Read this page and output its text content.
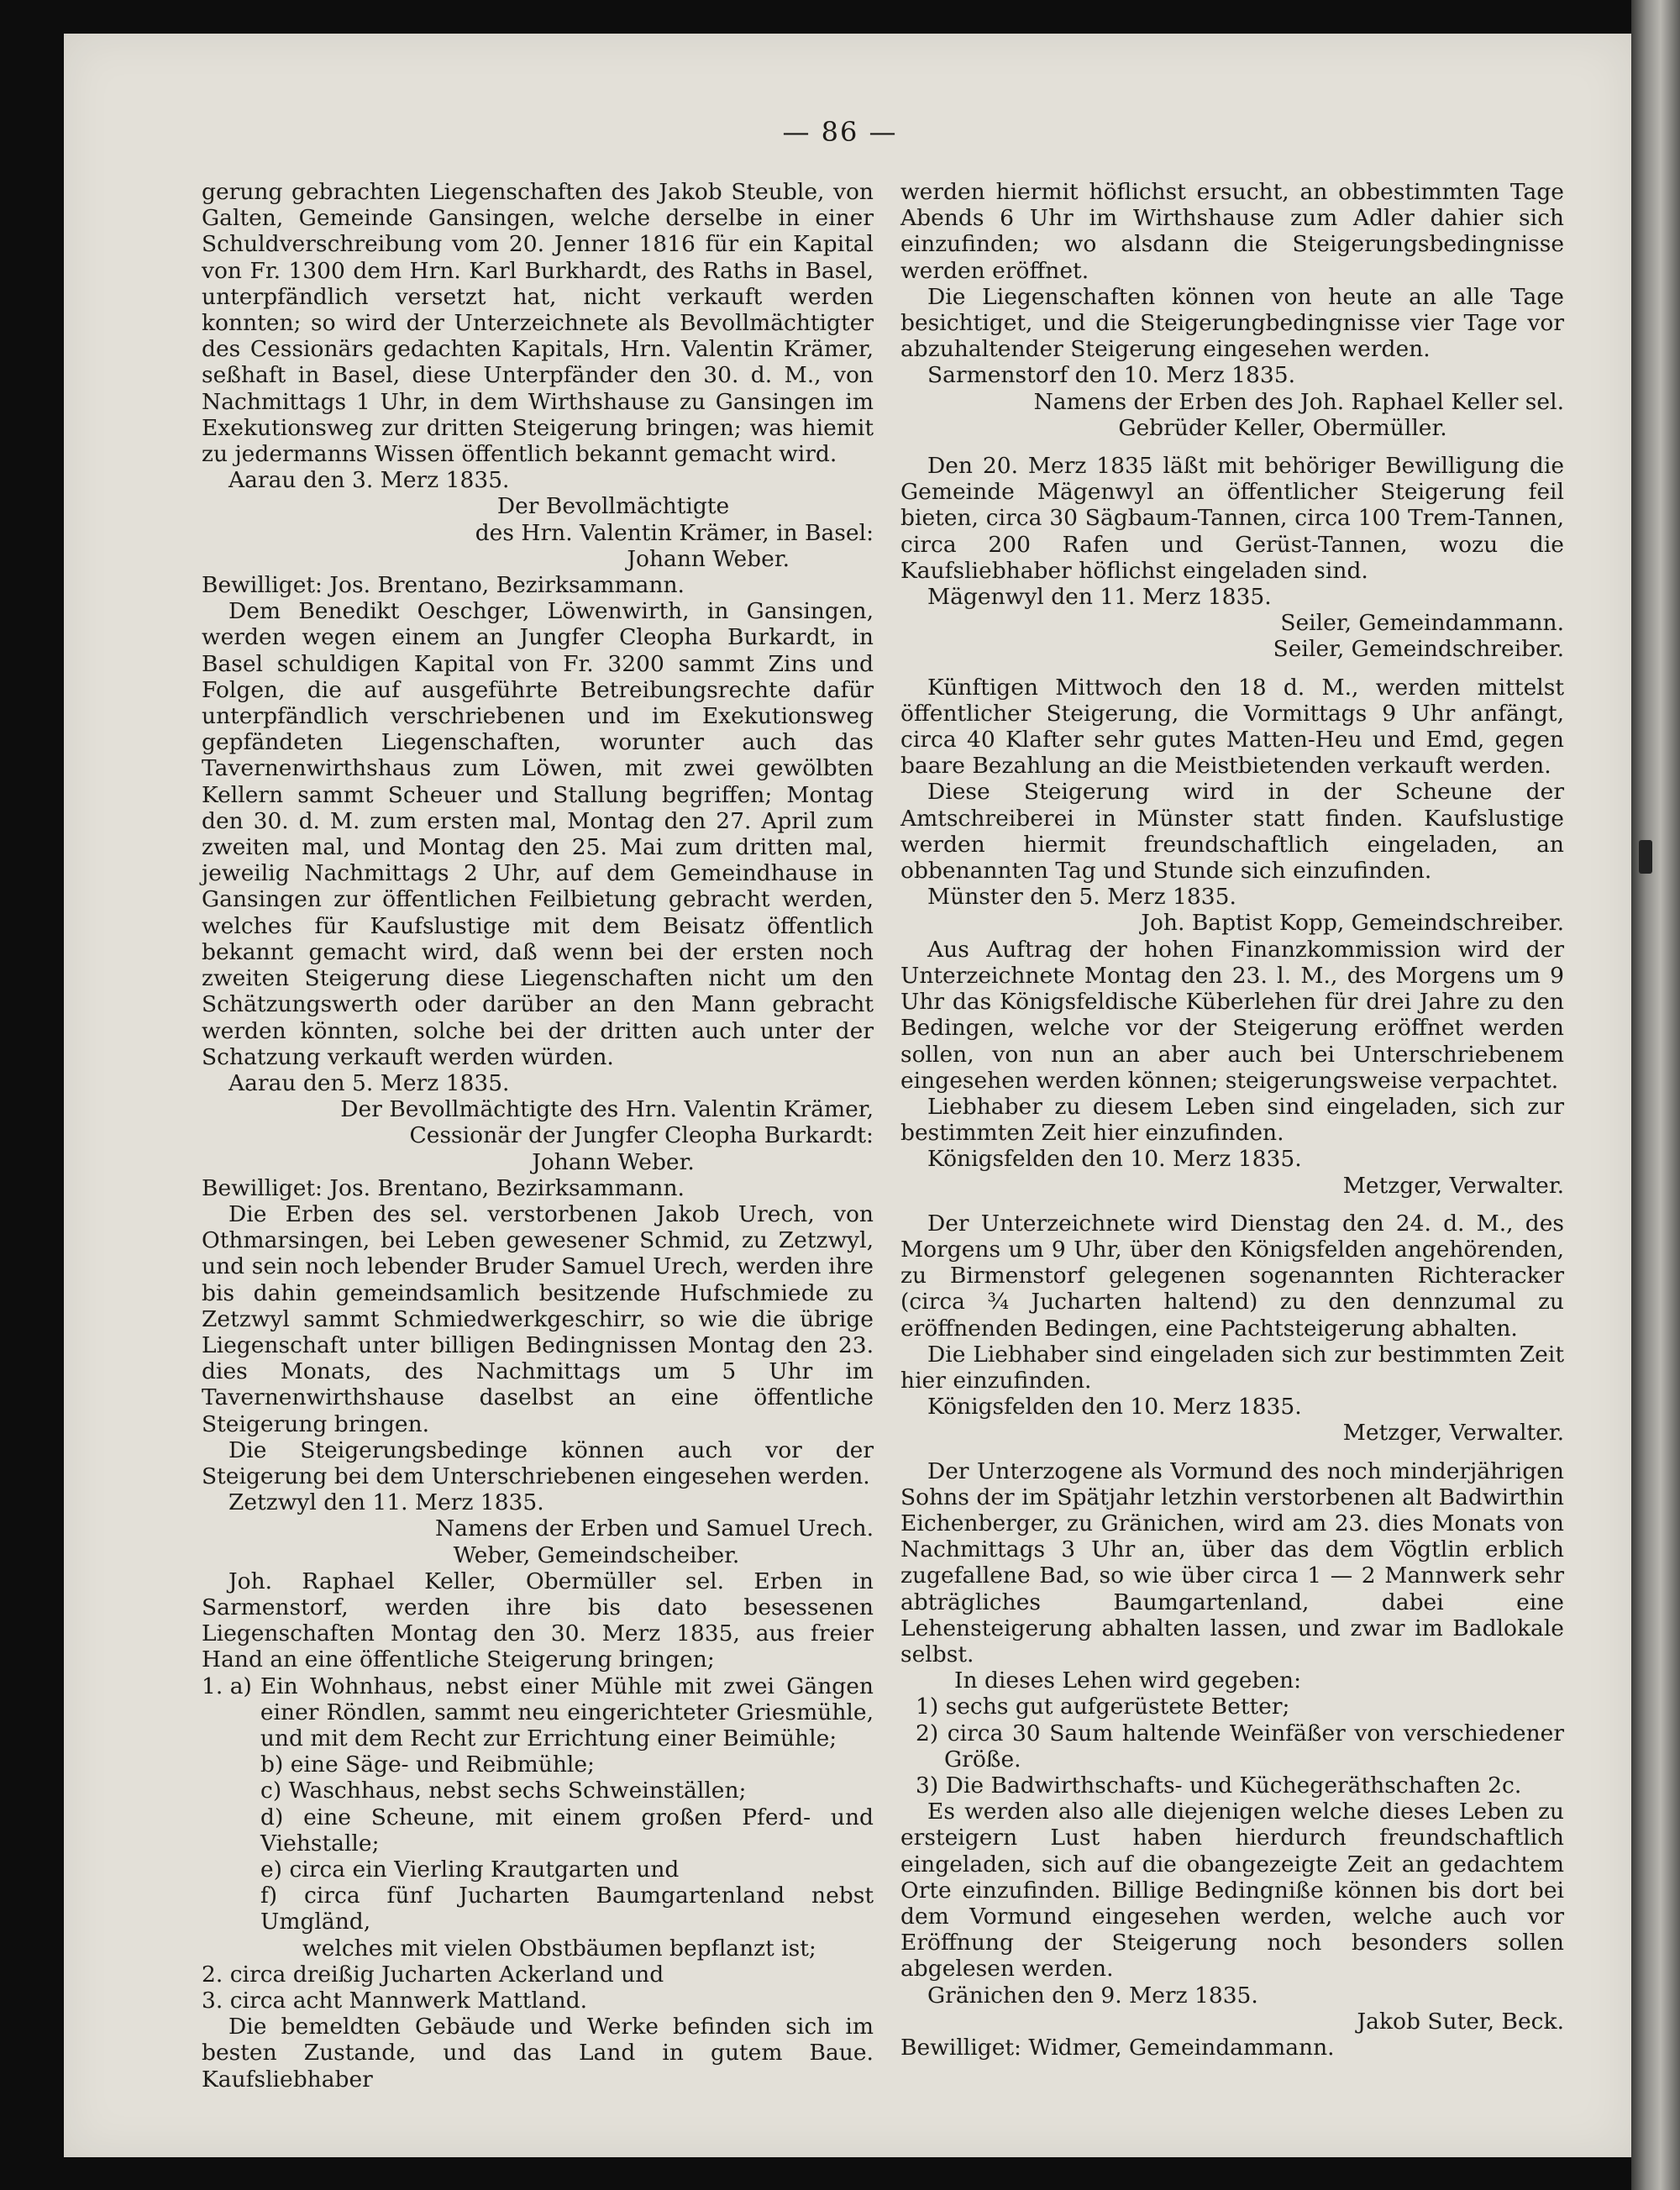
— 86 —

gerung gebrachten Liegenschaften des Jakob Steuble, von Galten, Gemeinde Gansingen, welche derselbe in einer Schuldverschreibung vom 20. Jenner 1816 für ein Kapital von Fr. 1300 dem Hrn. Karl Burkhardt, des Raths in Basel, unterpfändlich versetzt hat, nicht verkauft werden konnten; so wird der Unterzeichnete als Bevollmächtigter des Cessionärs gedachten Kapitals, Hrn. Valentin Krämer, seßhaft in Basel, diese Unterpfänder den 30. d. M., von Nachmittags 1 Uhr, in dem Wirthshause zu Gansingen im Exekutionsweg zur dritten Steigerung bringen; was hiemit zu jedermanns Wissen öffentlich bekannt gemacht wird.

Aarau den 3. Merz 1835.

Der Bevollmächtigte

des Hrn. Valentin Krämer, in Basel:

Johann Weber.

Bewilliget: Jos. Brentano, Bezirksammann.

Dem Benedikt Oeschger, Löwenwirth, in Gansingen, werden wegen einem an Jungfer Cleopha Burkardt, in Basel schuldigen Kapital von Fr. 3200 sammt Zins und Folgen, die auf ausgeführte Betreibungsrechte dafür unterpfändlich verschriebenen und im Exekutionsweg gepfändeten Liegenschaften, worunter auch das Tavernenwirthshaus zum Löwen, mit zwei gewölbten Kellern sammt Scheuer und Stallung begriffen; Montag den 30. d. M. zum ersten mal, Montag den 27. April zum zweiten mal, und Montag den 25. Mai zum dritten mal, jeweilig Nachmittags 2 Uhr, auf dem Gemeindhause in Gansingen zur öffentlichen Feilbietung gebracht werden, welches für Kaufslustige mit dem Beisatz öffentlich bekannt gemacht wird, daß wenn bei der ersten noch zweiten Steigerung diese Liegenschaften nicht um den Schätzungswerth oder darüber an den Mann gebracht werden könnten, solche bei der dritten auch unter der Schatzung verkauft werden würden.

Aarau den 5. Merz 1835.

Der Bevollmächtigte des Hrn. Valentin Krämer,

Cessionär der Jungfer Cleopha Burkardt:

Johann Weber.

Bewilliget: Jos. Brentano, Bezirksammann.

Die Erben des sel. verstorbenen Jakob Urech, von Othmarsingen, bei Leben gewesener Schmid, zu Zetzwyl, und sein noch lebender Bruder Samuel Urech, werden ihre bis dahin gemeindsamlich besitzende Hufschmiede zu Zetzwyl sammt Schmiedwerkgeschirr, so wie die übrige Liegenschaft unter billigen Bedingnissen Montag den 23. dies Monats, des Nachmittags um 5 Uhr im Tavernenwirthshause daselbst an eine öffentliche Steigerung bringen.

Die Steigerungsbedinge können auch vor der Steigerung bei dem Unterschriebenen eingesehen werden.

Zetzwyl den 11. Merz 1835.

Namens der Erben und Samuel Urech.

Weber, Gemeindscheiber.

Joh. Raphael Keller, Obermüller sel. Erben in Sarmenstorf, werden ihre bis dato besessenen Liegenschaften Montag den 30. Merz 1835, aus freier Hand an eine öffentliche Steigerung bringen;

1. a) Ein Wohnhaus, nebst einer Mühle mit zwei Gängen einer Röndlen, sammt neu eingerichteter Griesmühle, und mit dem Recht zur Errichtung einer Beimühle;

b) eine Säge- und Reibmühle;

c) Waschhaus, nebst sechs Schweinställen;

d) eine Scheune, mit einem großen Pferd- und Viehstalle;

e) circa ein Vierling Krautgarten und

f) circa fünf Jucharten Baumgartenland nebst Umgländ,

welches mit vielen Obstbäumen bepflanzt ist;

2. circa dreißig Jucharten Ackerland und

3. circa acht Mannwerk Mattland.

Die bemeldten Gebäude und Werke befinden sich im besten Zustande, und das Land in gutem Baue. Kaufsliebhaber

werden hiermit höflichst ersucht, an obbestimmten Tage Abends 6 Uhr im Wirthshause zum Adler dahier sich einzufinden; wo alsdann die Steigerungsbedingnisse werden eröffnet.

Die Liegenschaften können von heute an alle Tage besichtiget, und die Steigerungbedingnisse vier Tage vor abzuhaltender Steigerung eingesehen werden.

Sarmenstorf den 10. Merz 1835.

Namens der Erben des Joh. Raphael Keller sel.

Gebrüder Keller, Obermüller.

Den 20. Merz 1835 läßt mit behöriger Bewilligung die Gemeinde Mägenwyl an öffentlicher Steigerung feil bieten, circa 30 Sägbaum-Tannen, circa 100 Trem-Tannen, circa 200 Rafen und Gerüst-Tannen, wozu die Kaufsliebhaber höflichst eingeladen sind.

Mägenwyl den 11. Merz 1835.

Seiler, Gemeindammann.

Seiler, Gemeindschreiber.

Künftigen Mittwoch den 18 d. M., werden mittelst öffentlicher Steigerung, die Vormittags 9 Uhr anfängt, circa 40 Klafter sehr gutes Matten-Heu und Emd, gegen baare Bezahlung an die Meistbietenden verkauft werden.

Diese Steigerung wird in der Scheune der Amtschreiberei in Münster statt finden. Kaufslustige werden hiermit freundschaftlich eingeladen, an obbenannten Tag und Stunde sich einzufinden.

Münster den 5. Merz 1835.

Joh. Baptist Kopp, Gemeindschreiber.

Aus Auftrag der hohen Finanzkommission wird der Unterzeichnete Montag den 23. l. M., des Morgens um 9 Uhr das Königsfeldische Küberlehen für drei Jahre zu den Bedingen, welche vor der Steigerung eröffnet werden sollen, von nun an aber auch bei Unterschriebenem eingesehen werden können; steigerungsweise verpachtet.

Liebhaber zu diesem Leben sind eingeladen, sich zur bestimmten Zeit hier einzufinden.

Königsfelden den 10. Merz 1835.

Metzger, Verwalter.

Der Unterzeichnete wird Dienstag den 24. d. M., des Morgens um 9 Uhr, über den Königsfelden angehörenden, zu Birmenstorf gelegenen sogenannten Richteracker (circa ¾ Jucharten haltend) zu den dennzumal zu eröffnenden Bedingen, eine Pachtsteigerung abhalten.

Die Liebhaber sind eingeladen sich zur bestimmten Zeit hier einzufinden.

Königsfelden den 10. Merz 1835.

Metzger, Verwalter.

Der Unterzogene als Vormund des noch minderjährigen Sohns der im Spätjahr letzhin verstorbenen alt Badwirthin Eichenberger, zu Gränichen, wird am 23. dies Monats von Nachmittags 3 Uhr an, über das dem Vögtlin erblich zugefallene Bad, so wie über circa 1 — 2 Mannwerk sehr abträgliches Baumgartenland, dabei eine Lehensteigerung abhalten lassen, und zwar im Badlokale selbst.

In dieses Lehen wird gegeben:

1) sechs gut aufgerüstete Better;

2) circa 30 Saum haltende Weinfäßer von verschiedener Größe.

3) Die Badwirthschafts- und Küchegeräthschaften 2c.

Es werden also alle diejenigen welche dieses Leben zu ersteigern Lust haben hierdurch freundschaftlich eingeladen, sich auf die obangezeigte Zeit an gedachtem Orte einzufinden. Billige Bedingniße können bis dort bei dem Vormund eingesehen werden, welche auch vor Eröffnung der Steigerung noch besonders sollen abgelesen werden.

Gränichen den 9. Merz 1835.

Jakob Suter, Beck.

Bewilliget: Widmer, Gemeindammann.
